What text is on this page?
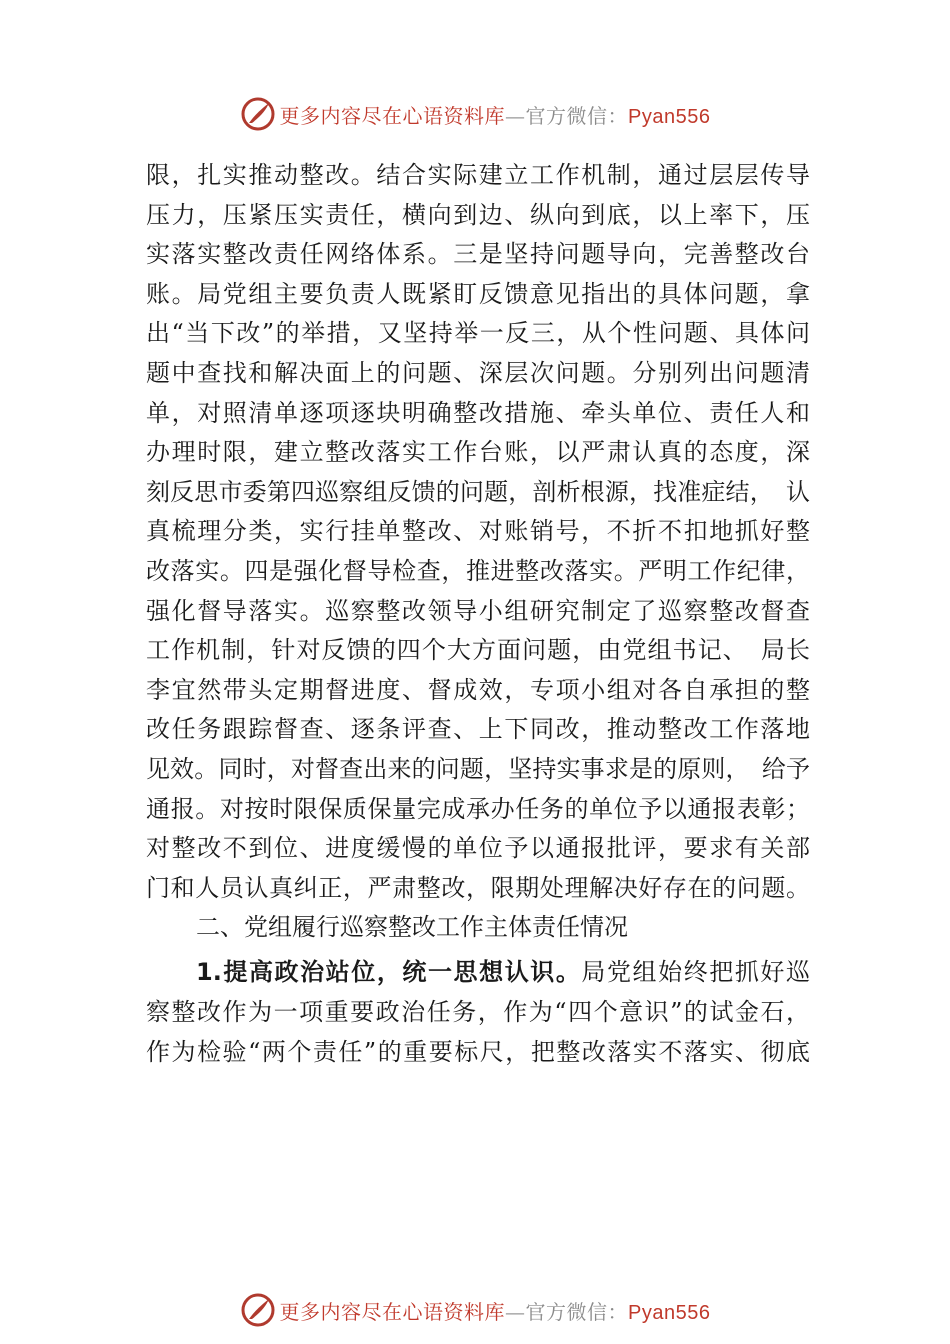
更多内容尽在心语资料库—官方微信：Pyan556
限，扎实推动整改。结合实际建立工作机制，通过层层传导
压力，压紧压实责任，横向到边、纵向到底，以上率下，压
实落实整改责任网络体系。三是坚持问题导向，完善整改台
账。局党组主要负责人既紧盯反馈意见指出的具体问题，拿
出“当下改”的举措，又坚持举一反三，从个性问题、具体问
题中查找和解决面上的问题、深层次问题。分别列出问题清
单，对照清单逐项逐块明确整改措施、牵头单位、责任人和
办理时限，建立整改落实工作台账，以严肃认真的态度，深
刻反思市委第四巡察组反馈的问题，剖析根源，找准症结，　认
真梳理分类，实行挂单整改、对账销号，不折不扣地抓好整
改落实。四是强化督导检查，推进整改落实。严明工作纪律，
强化督导落实。巡察整改领导小组研究制定了巡察整改督查
工作机制，针对反馈的四个大方面问题，由党组书记、　局长
李宜然带头定期督进度、督成效，专项小组对各自承担的整
改任务跟踪督查、逐条评查、上下同改，推动整改工作落地
见效。同时，对督查出来的问题，坚持实事求是的原则，　给予
通报。对按时限保质保量完成承办任务的单位予以通报表彰；
对整改不到位、进度缓慢的单位予以通报批评，要求有关部
门和人员认真纠正，严肃整改，限期处理解决好存在的问题。
二、党组履行巡察整改工作主体责任情况
1.提高政治站位，统一思想认识。局党组始终把抓好巡
察整改作为一项重要政治任务，作为“四个意识”的试金石，
作为检验“两个责任”的重要标尺，把整改落实不落实、彻底
更多内容尽在心语资料库—官方微信：Pyan556
